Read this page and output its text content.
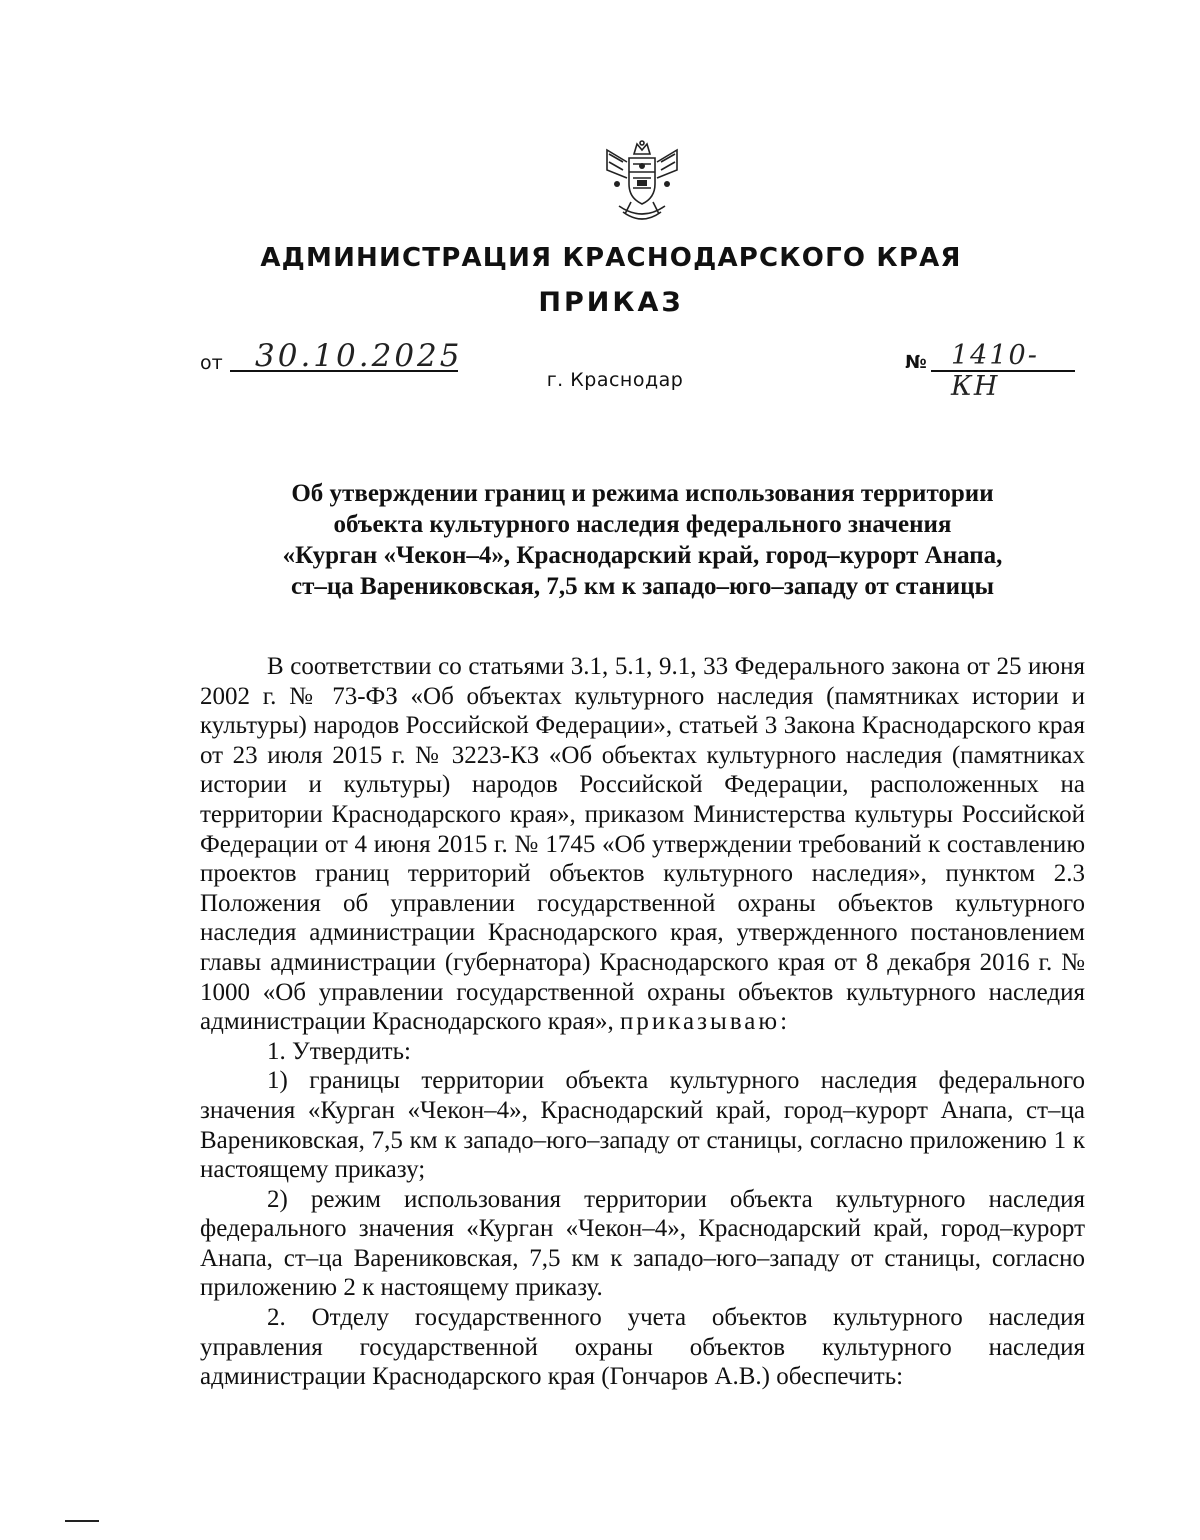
АДМИНИСТРАЦИЯ КРАСНОДАРСКОГО КРАЯ
ПРИКАЗ
от 30.10.2025	№ 1410-КН
г. Краснодар
Об утверждении границ и режима использования территории
объекта культурного наследия федерального значения
«Курган «Чекон–4», Краснодарский край, город–курорт Анапа,
ст–ца Варениковская, 7,5 км к западо–юго–западу от станицы
В соответствии со статьями 3.1, 5.1, 9.1, 33 Федерального закона от 25 июня 2002 г. № 73-ФЗ «Об объектах культурного наследия (памятниках истории и культуры) народов Российской Федерации», статьей 3 Закона Краснодарского края от 23 июля 2015 г. № 3223-КЗ «Об объектах культурного наследия (памятниках истории и культуры) народов Российской Федерации, расположенных на территории Краснодарского края», приказом Министерства культуры Российской Федерации от 4 июня 2015 г. № 1745 «Об утверждении требований к составлению проектов границ территорий объектов культурного наследия», пунктом 2.3 Положения об управлении государственной охраны объектов культурного наследия администрации Краснодарского края, утвержденного постановлением главы администрации (губернатора) Краснодарского края от 8 декабря 2016 г. № 1000 «Об управлении государственной охраны объектов культурного наследия администрации Краснодарского края», приказываю:
1. Утвердить:
1) границы территории объекта культурного наследия федерального значения «Курган «Чекон–4», Краснодарский край, город–курорт Анапа, ст–ца Варениковская, 7,5 км к западо–юго–западу от станицы, согласно приложению 1 к настоящему приказу;
2) режим использования территории объекта культурного наследия федерального значения «Курган «Чекон–4», Краснодарский край, город–курорт Анапа, ст–ца Варениковская, 7,5 км к западо–юго–западу от станицы, согласно приложению 2 к настоящему приказу.
2. Отделу государственного учета объектов культурного наследия управления государственной охраны объектов культурного наследия администрации Краснодарского края (Гончаров А.В.) обеспечить:
